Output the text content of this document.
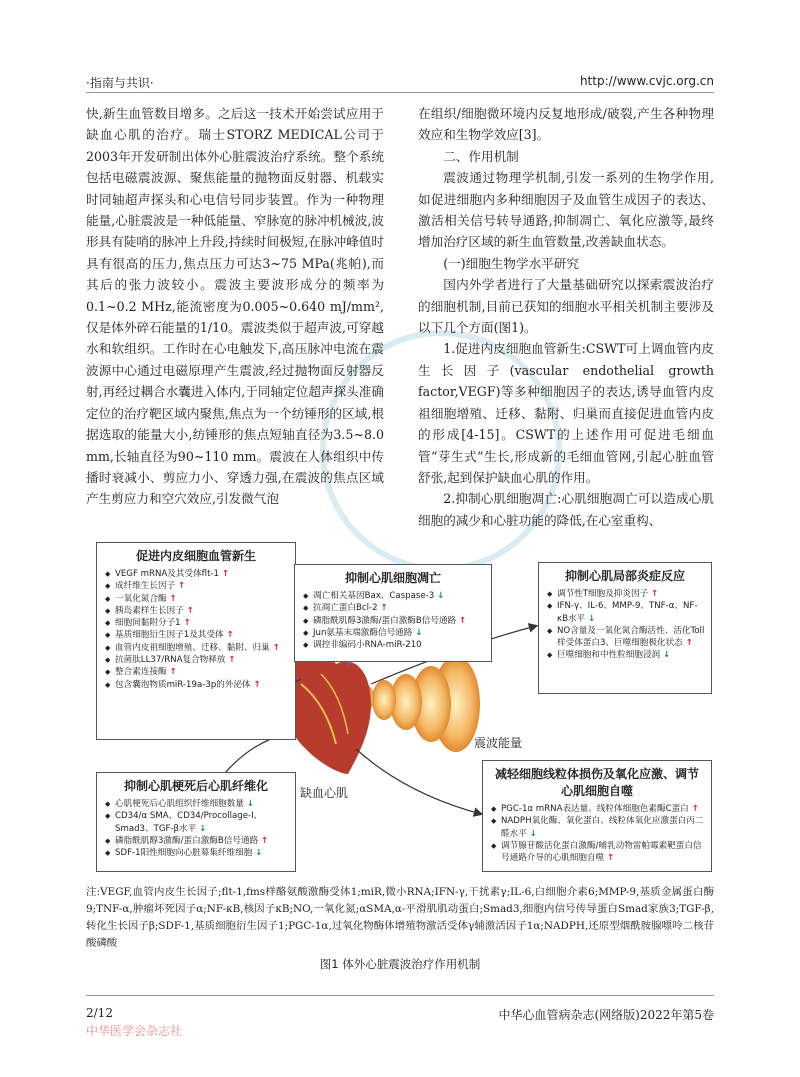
·指南与共识·	http://www.cvjc.org.cn

快,新生血管数目增多。之后这一技术开始尝试应用于缺血心肌的治疗。瑞士STORZ MEDICAL公司于2003年开发研制出体外心脏震波治疗系统。整个系统包括电磁震波源、聚焦能量的抛物面反射器、机载实时同轴超声探头和心电信号同步装置。作为一种物理能量,心脏震波是一种低能量、窄脉宽的脉冲机械波,波形具有陡哨的脉冲上升段,持续时间极短,在脉冲峰值时具有很高的压力,焦点压力可达3~75 MPa(兆帕),而其后的张力波较小。震波主要波形成分的频率为0.1~0.2 MHz,能流密度为0.005~0.640 mJ/mm²,仅是体外碎石能量的1/10。震波类似于超声波,可穿越水和软组织。工作时在心电触发下,高压脉冲电流在震波源中心通过电磁原理产生震波,经过抛物面反射器反射,再经过耦合水囊进入体内,于同轴定位超声探头准确定位的治疗靶区域内聚焦,焦点为一个纺锤形的区域,根据选取的能量大小,纺锤形的焦点短轴直径为3.5~8.0 mm,长轴直径为90~110 mm。震波在人体组织中传播时衰减小、剪应力小、穿透力强,在震波的焦点区域产生剪应力和空穴效应,引发微气泡

在组织/细胞微环境内反复地形成/破裂,产生各种物理效应和生物学效应[3]。

二、作用机制

震波通过物理学机制,引发一系列的生物学作用,如促进细胞内多种细胞因子及血管生成因子的表达、激活相关信号转导通路,抑制凋亡、氧化应激等,最终增加治疗区域的新生血管数量,改善缺血状态。

(一)细胞生物学水平研究

国内外学者进行了大量基础研究以探索震波治疗的细胞机制,目前已获知的细胞水平相关机制主要涉及以下几个方面(图1)。

1.促进内皮细胞血管新生:CSWT可上调血管内皮生长因子(vascular endothelial growth factor,VEGF)等多种细胞因子的表达,诱导血管内皮祖细胞增殖、迁移、黏附、归巢而直接促进血管内皮的形成[4-15]。CSWT的上述作用可促进毛细血管“芽生式”生长,形成新的毛细血管网,引起心脏血管舒张,起到保护缺血心肌的作用。

2.抑制心肌细胞凋亡:心肌细胞凋亡可以造成心肌细胞的减少和心脏功能的降低,在心室重构、

促进内皮细胞血管新生
◆ VEGF mRNA及其受体flt-1 ↑
◆ 成纤维生长因子 ↑
◆ 一氧化氮合酶 ↑
◆ 胰岛素样生长因子 ↑
◆ 细胞间黏附分子1 ↑
◆ 基质细胞衍生因子1及其受体 ↑
◆ 血管内皮祖细胞增殖、迁移、黏附、归巢 ↑
◆ 抗菌肽LL37/RNA复合物释放 ↑
◆ 整合素连接酶 ↑
◆ 包含囊泡物质miR-19a-3p的外泌体 ↑
抑制心肌细胞凋亡
◆ 凋亡相关基因Bax、Caspase-3 ↓
◆ 抗凋亡蛋白Bcl-2 ↑
◆ 磷脂酰肌醇3激酶/蛋白激酶B信号通路 ↑
◆ Jun氨基末端激酶信号通路 ↓
◆ 调控非编码小RNA-miR-210
抑制心肌局部炎症反应
◆ 调节性T细胞及抑炎因子 ↑
◆ IFN-γ、IL-6、MMP-9、TNF-α、NF-κB水平 ↓
◆ NO含量及一氧化氮合酶活性、活化Toll样受体蛋白3、巨噬细胞极化状态 ↑
◆ 巨噬细胞和中性粒细胞浸润 ↓
抑制心肌梗死后心肌纤维化
◆ 心肌梗死后心肌组织纤维细胞数量 ↓
◆ CD34/α SMA、CD34/Procollage-I、Smad3、TGF-β水平 ↓
◆ 磷脂酰肌醇3激酶/蛋白激酶B信号通路 ↑
◆ SDF-1阳性细胞向心脏募集纤维细胞 ↓
减轻细胞线粒体损伤及氧化应激、调节心肌细胞自噬
◆ PGC-1α mRNA表达量、线粒体细胞色素酶C蛋白 ↑
◆ NADPH氧化酶、氧化蛋白、线粒体氧化应激蛋白丙二醛水平 ↓
◆ 调节腺苷酸活化蛋白激酶/哺乳动物雷帕霉素靶蛋白信号通路介导的心肌细胞自噬 ↑
震波能量
缺血心肌
注:VEGF,血管内皮生长因子;flt-1,fms样酪氨酸激酶受体1;miR,微小RNA;IFN-γ,干扰素γ;IL-6,白细胞介素6;MMP-9,基质金属蛋白酶9;TNF-α,肿瘤坏死因子α;NF-κB,核因子κB;NO,一氧化氮;αSMA,α-平滑肌肌动蛋白;Smad3,细胞内信号传导蛋白Smad家族3;TGF-β,转化生长因子β;SDF-1,基质细胞衍生因子1;PGC-1α,过氧化物酶体增殖物激活受体γ辅激活因子1α;NADPH,还原型烟酰胺腺嘌呤二核苷酸磷酸
图1 体外心脏震波治疗作用机制
2/12	中华心血管病杂志(网络版)2022年第5卷
中华医学会杂志社
